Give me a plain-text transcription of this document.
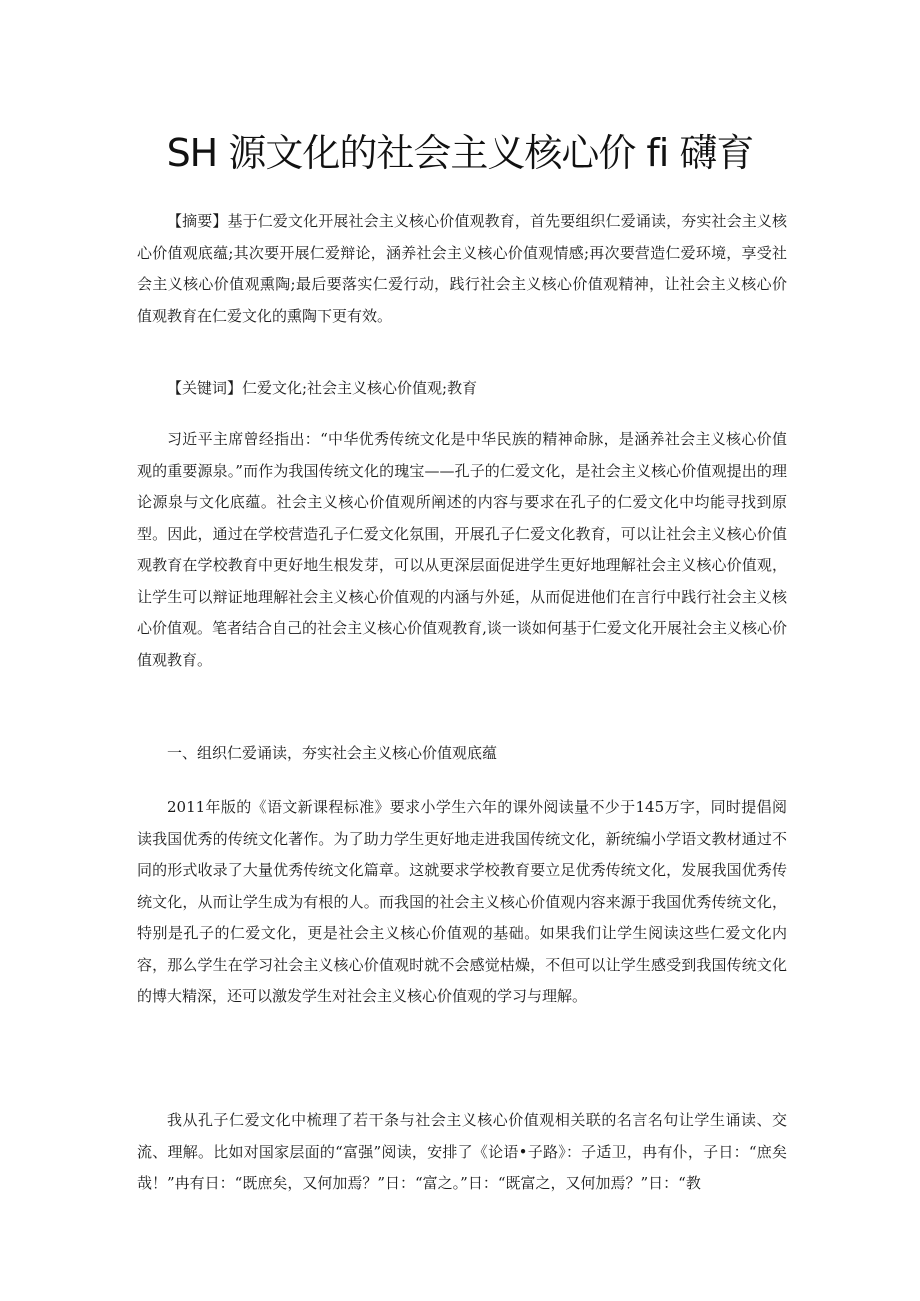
SH 源文化的社会主义核心价 fi 礴育

【摘要】基于仁爱文化开展社会主义核心价值观教育，首先要组织仁爱诵读，夯实社会主义核心价值观底蕴;其次要开展仁爱辩论，涵养社会主义核心价值观情感;再次要营造仁爱环境，享受社会主义核心价值观熏陶;最后要落实仁爱行动，践行社会主义核心价值观精神，让社会主义核心价值观教育在仁爱文化的熏陶下更有效。

【关键词】仁爱文化;社会主义核心价值观;教育

习近平主席曾经指出：“中华优秀传统文化是中华民族的精神命脉，是涵养社会主义核心价值观的重要源泉。”而作为我国传统文化的瑰宝——孔子的仁爱文化，是社会主义核心价值观提出的理论源泉与文化底蕴。社会主义核心价值观所阐述的内容与要求在孔子的仁爱文化中均能寻找到原型。因此，通过在学校营造孔子仁爱文化氛围，开展孔子仁爱文化教育，可以让社会主义核心价值观教育在学校教育中更好地生根发芽，可以从更深层面促进学生更好地理解社会主义核心价值观，让学生可以辩证地理解社会主义核心价值观的内涵与外延，从而促进他们在言行中践行社会主义核心价值观。笔者结合自己的社会主义核心价值观教育,谈一谈如何基于仁爱文化开展社会主义核心价值观教育。

一、组织仁爱诵读，夯实社会主义核心价值观底蕴

2011年版的《语文新课程标准》要求小学生六年的课外阅读量不少于145万字，同时提倡阅读我国优秀的传统文化著作。为了助力学生更好地走进我国传统文化，新统编小学语文教材通过不同的形式收录了大量优秀传统文化篇章。这就要求学校教育要立足优秀传统文化，发展我国优秀传统文化，从而让学生成为有根的人。而我国的社会主义核心价值观内容来源于我国优秀传统文化，特别是孔子的仁爱文化，更是社会主义核心价值观的基础。如果我们让学生阅读这些仁爱文化内容，那么学生在学习社会主义核心价值观时就不会感觉枯燥，不但可以让学生感受到我国传统文化的博大精深，还可以激发学生对社会主义核心价值观的学习与理解。

我从孔子仁爱文化中梳理了若干条与社会主义核心价值观相关联的名言名句让学生诵读、交流、理解。比如对国家层面的“富强”阅读，安排了《论语•子路》：子适卫，冉有仆，子日：“庶矣哉！”冉有日：“既庶矣，又何加焉？”日：“富之。”日：“既富之，又何加焉？”日：“教
